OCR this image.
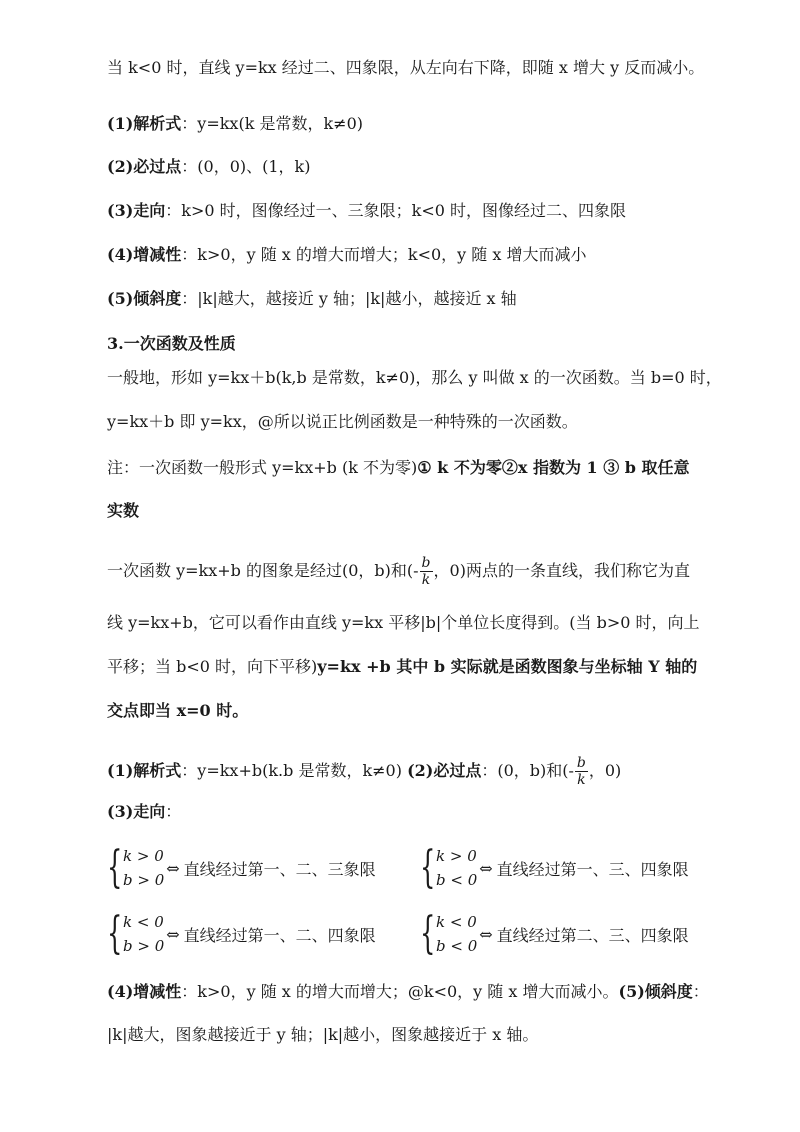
当 k<0 时，直线 y=kx 经过二、四象限，从左向右下降，即随 x 增大 y 反而减小。
(1)解析式：y=kx(k 是常数，k≠0)
(2)必过点：(0，0)、(1，k)
(3)走向：k>0 时，图像经过一、三象限；k<0 时，图像经过二、四象限
(4)增减性：k>0，y 随 x 的增大而增大；k<0，y 随 x 增大而减小
(5)倾斜度：|k|越大，越接近 y 轴；|k|越小，越接近 x 轴
3.一次函数及性质
一般地，形如 y=kx＋b(k,b 是常数，k≠0)，那么 y 叫做 x 的一次函数。当 b=0 时，
y=kx＋b 即 y=kx，@所以说正比例函数是一种特殊的一次函数。
注：一次函数一般形式 y=kx+b (k 不为零)① k 不为零②x 指数为 1 ③ b 取任意
实数
一次函数 y=kx+b 的图象是经过(0，b)和(- $\frac{b}{k}$ ，0)两点的一条直线，我们称它为直
线 y=kx+b，它可以看作由直线 y=kx 平移|b|个单位长度得到。(当 b>0 时，向上
平移；当 b<0 时，向下平移)y=kx +b 其中 b 实际就是函数图象与坐标轴 Y 轴的
交点即当 x=0 时。
(1)解析式：y=kx+b(k.b 是常数，k≠0) (2)必过点：(0，b)和(- $\frac{b}{k}$ ，0)
(3)走向：
{ k > 0
b > 0
⇔ 直线经过第一、二、三象限 { k > 0
b < 0
⇔ 直线经过第一、三、四象限
{ k < 0
b > 0
⇔ 直线经过第一、二、四象限 { k < 0
b < 0
⇔ 直线经过第二、三、四象限
(4)增减性：k>0，y 随 x 的增大而增大；@k<0，y 随 x 增大而减小。(5)倾斜度：
|k|越大，图象越接近于 y 轴；|k|越小，图象越接近于 x 轴。
